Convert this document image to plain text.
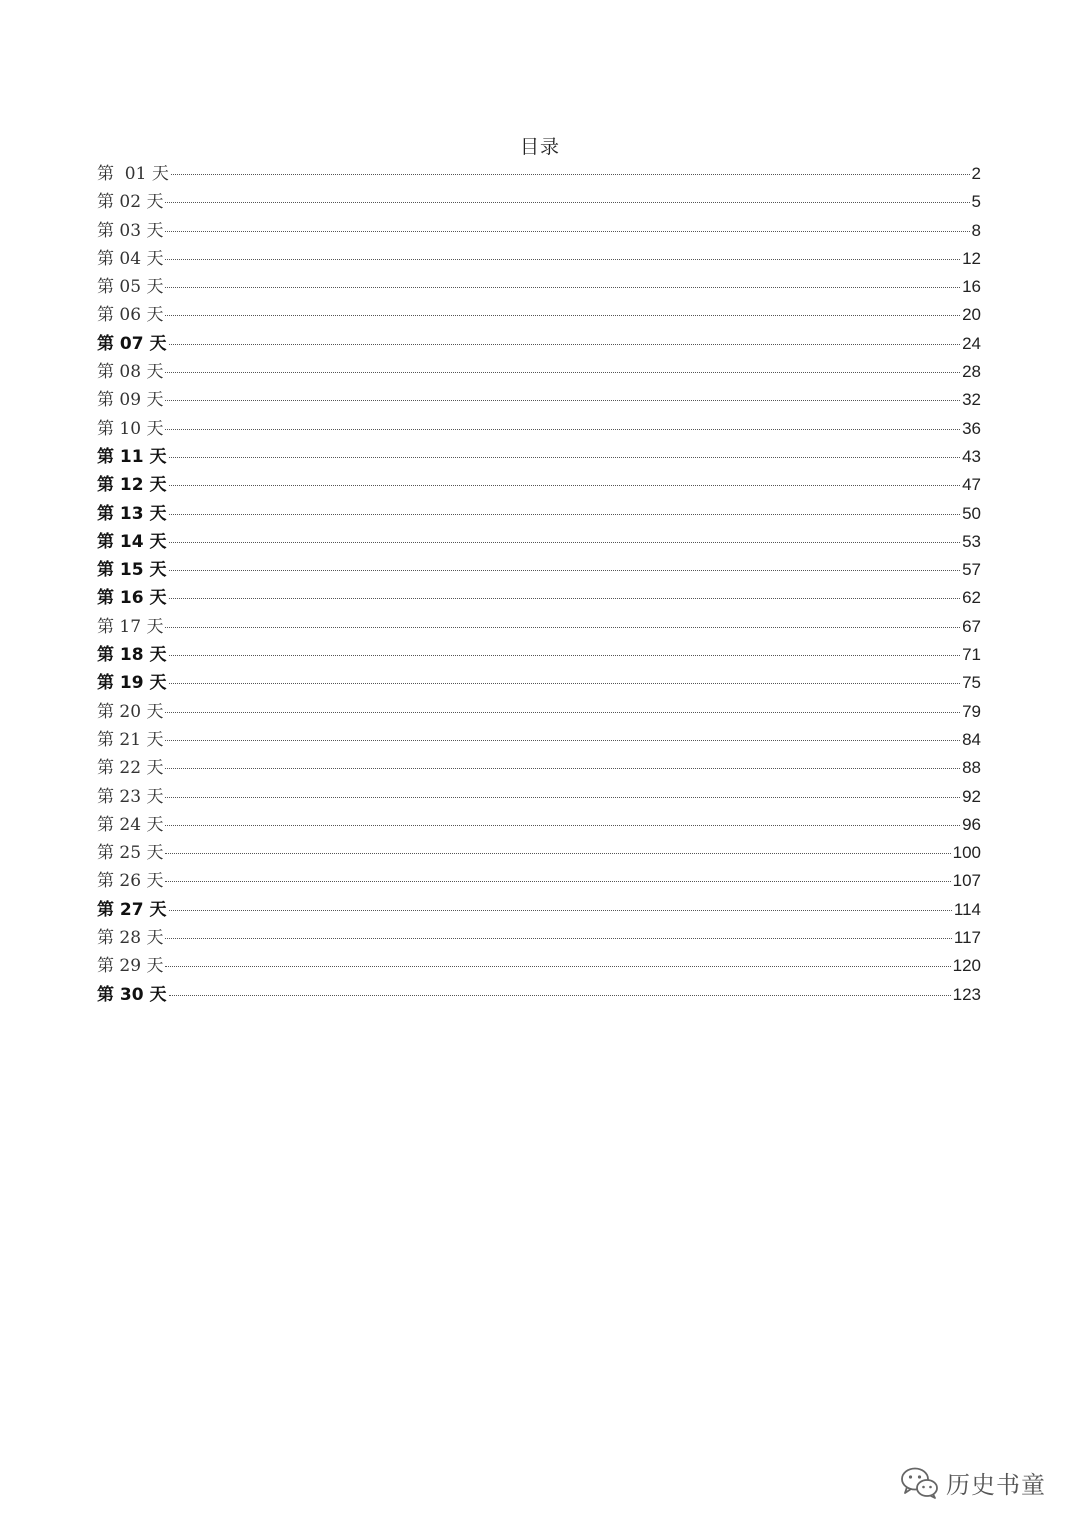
目录
第  01 天	2
第 02 天	5
第 03 天	8
第 04 天	12
第 05 天	16
第 06 天	20
第 07 天	24
第 08 天	28
第 09 天	32
第 10 天	36
第 11 天	43
第 12 天	47
第 13 天	50
第 14 天	53
第 15 天	57
第 16 天	62
第 17 天	67
第 18 天	71
第 19 天	75
第 20 天	79
第 21 天	84
第 22 天	88
第 23 天	92
第 24 天	96
第 25 天	100
第 26 天	107
第 27 天	114
第 28 天	117
第 29 天	120
第 30 天	123
历史书童
